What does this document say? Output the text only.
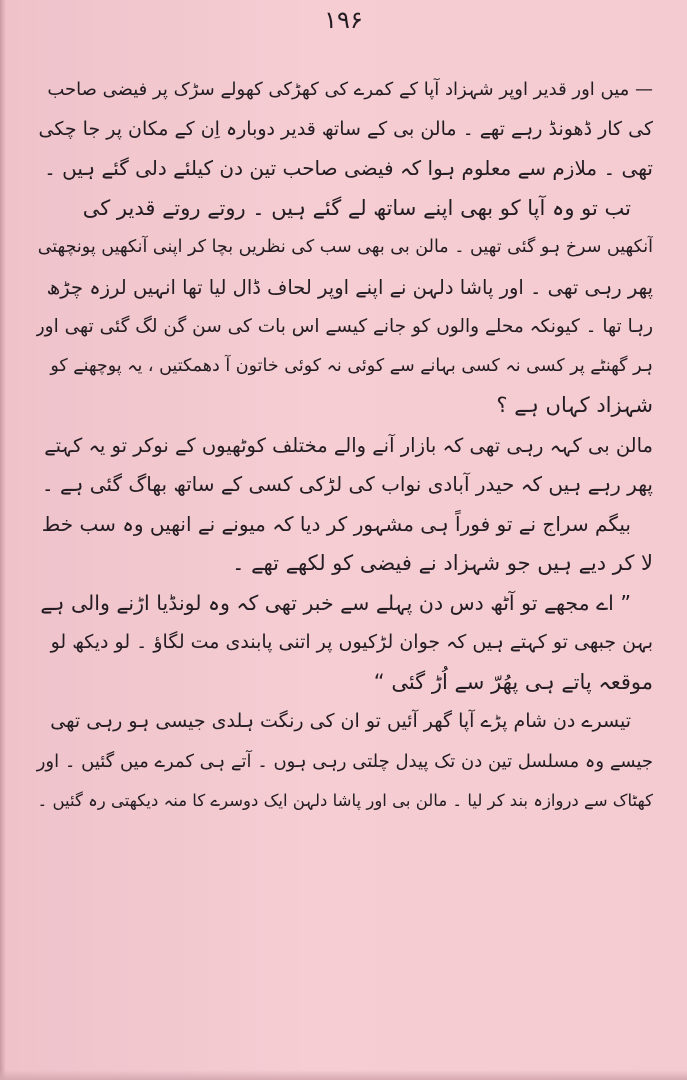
۱۹۶
— میں اور قدیر اوپر شہزاد آپا کے کمرے کی کھڑکی کھولے سڑک پر فیضی صاحب
کی کار ڈھونڈ رہے تھے ۔ مالن بی کے ساتھ قدیر دوبارہ اِن کے مکان پر جا چکی
تھی ۔ ملازم سے معلوم ہوا کہ فیضی صاحب تین دن کیلئے دلی گئے ہیں ۔
تب تو وہ آپا کو بھی اپنے ساتھ لے گئے ہیں ۔ روتے روتے قدیر کی
آنکھیں سرخ ہو گئی تھیں ۔ مالن بی بھی سب کی نظریں بچا کر اپنی آنکھیں پونچھتی
پھر رہی تھی ۔ اور پاشا دلہن نے اپنے اوپر لحاف ڈال لیا تھا انہیں لرزہ چڑھ
رہا تھا ۔ کیونکہ محلے والوں کو جانے کیسے اس بات کی سن گن لگ گئی تھی اور
ہر گھنٹے پر کسی نہ کسی بہانے سے کوئی نہ کوئی خاتون آ دھمکتیں ، یہ پوچھنے کو
شہزاد کہاں ہے ؟
مالن بی کہہ رہی تھی کہ بازار آنے والے مختلف کوٹھیوں کے نوکر تو یہ کہتے
پھر رہے ہیں کہ حیدر آبادی نواب کی لڑکی کسی کے ساتھ بھاگ گئی ہے ۔
بیگم سراج نے تو فوراً ہی مشہور کر دیا کہ میونے نے انھیں وہ سب خط
لا کر دیے ہیں جو شہزاد نے فیضی کو لکھے تھے ۔
” اے مجھے تو آٹھ دس دن پہلے سے خبر تھی کہ وہ لونڈیا اڑنے والی ہے
بہن جبھی تو کہتے ہیں کہ جوان لڑکیوں پر اتنی پابندی مت لگاؤ ۔ لو دیکھ لو
موقعہ پاتے ہی پھُرّ سے اُڑ گئی “
تیسرے دن شام پڑے آپا گھر آئیں تو ان کی رنگت ہلدی جیسی ہو رہی تھی
جیسے وہ مسلسل تین دن تک پیدل چلتی رہی ہوں ۔ آتے ہی کمرے میں گئیں ۔ اور
کھٹاک سے دروازہ بند کر لیا ۔ مالن بی اور پاشا دلہن ایک دوسرے کا منہ دیکھتی رہ گئیں ۔
